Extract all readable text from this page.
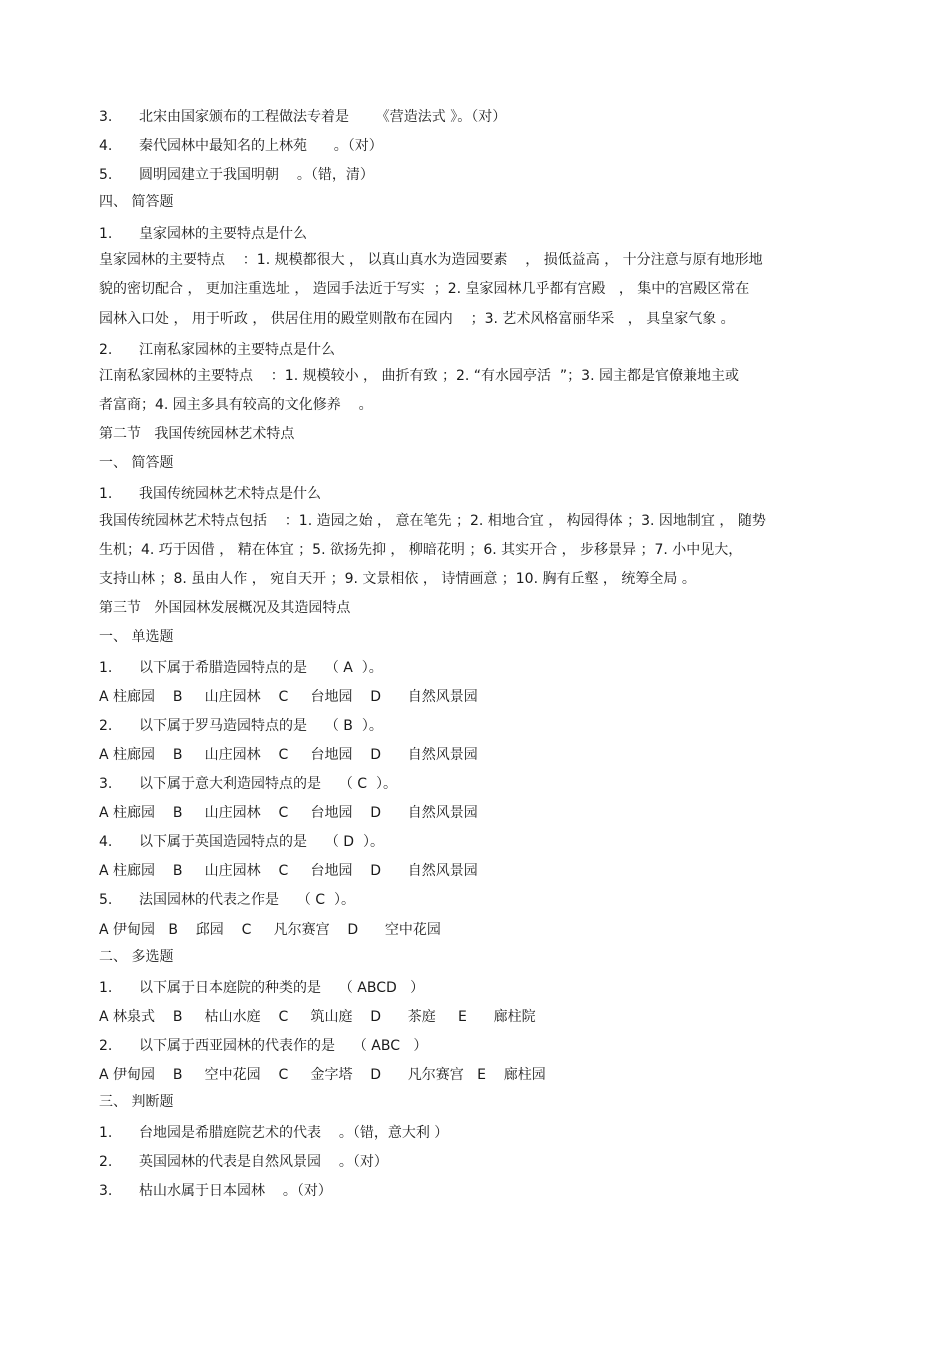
3.      北宋由国家颁布的工程做法专着是      《营造法式 》。（对）
4.      秦代园林中最知名的上林苑      。（对）
5.      圆明园建立于我国明朝    。（错，清）
四、 简答题
1.      皇家园林的主要特点是什么
皇家园林的主要特点    ：1. 规模都很大 ， 以真山真水为造园要素    ， 损低益高 ， 十分注意与原有地形地
貌的密切配合 ， 更加注重选址 ， 造园手法近于写实  ；2. 皇家园林几乎都有宫殿   ， 集中的宫殿区常在
园林入口处 ， 用于听政 ， 供居住用的殿堂则散布在园内    ；3. 艺术风格富丽华采   ， 具皇家气象 。
2.      江南私家园林的主要特点是什么
江南私家园林的主要特点    ：1. 规模较小 ， 曲折有致 ；2. “有水园亭活  ”；3. 园主都是官僚兼地主或
者富商；4. 园主多具有较高的文化修养    。
第二节   我国传统园林艺术特点
一、 简答题
1.      我国传统园林艺术特点是什么
我国传统园林艺术特点包括    ：1. 造园之始 ， 意在笔先 ；2. 相地合宜 ， 构园得体 ；3. 因地制宜 ， 随势
生机；4. 巧于因借 ， 精在体宜 ；5. 欲扬先抑 ， 柳暗花明 ；6. 其实开合 ， 步移景异 ；7. 小中见大，
支持山林 ；8. 虽由人作 ， 宛自天开 ；9. 文景相依 ， 诗情画意 ；10. 胸有丘壑 ， 统筹全局 。
第三节   外国园林发展概况及其造园特点
一、 单选题
1.      以下属于希腊造园特点的是    （ A  ）。
A 柱廊园    B     山庄园林    C     台地园    D      自然风景园
2.      以下属于罗马造园特点的是    （ B  ）。
A 柱廊园    B     山庄园林    C     台地园    D      自然风景园
3.      以下属于意大利造园特点的是    （ C  ）。
A 柱廊园    B     山庄园林    C     台地园    D      自然风景园
4.      以下属于英国造园特点的是    （ D  ）。
A 柱廊园    B     山庄园林    C     台地园    D      自然风景园
5.      法国园林的代表之作是    （ C  ）。
A 伊甸园   B    邱园    C     凡尔赛宫    D      空中花园
二、 多选题
1.      以下属于日本庭院的种类的是    （ ABCD   ）
A 林泉式    B     枯山水庭    C     筑山庭    D      茶庭     E      廊柱院
2.      以下属于西亚园林的代表作的是    （ ABC   ）
A 伊甸园    B     空中花园    C     金字塔    D      凡尔赛宫   E    廊柱园
三、 判断题
1.      台地园是希腊庭院艺术的代表    。（错，意大利 ）
2.      英国园林的代表是自然风景园    。（对）
3.      枯山水属于日本园林    。（对）
